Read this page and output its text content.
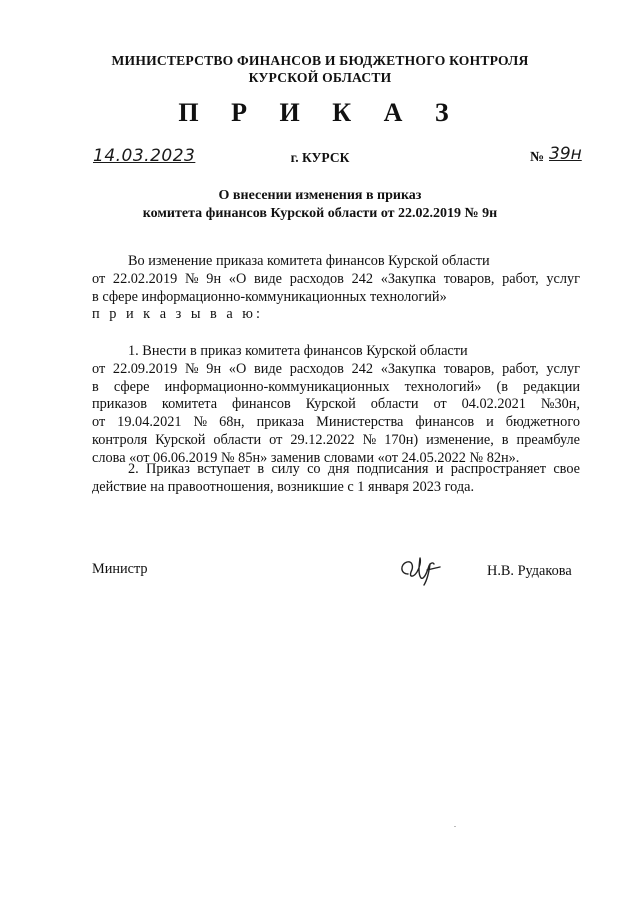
МИНИСТЕРСТВО ФИНАНСОВ И БЮДЖЕТНОГО КОНТРОЛЯ
КУРСКОЙ ОБЛАСТИ
П Р И К А З
14.03.2023	г. КУРСК	№ 39н
О внесении изменения в приказ
комитета финансов Курской области от 22.02.2019 № 9н
Во изменение приказа комитета финансов Курской области
от 22.02.2019 № 9н «О виде расходов 242 «Закупка товаров, работ, услуг
в сфере информационно-коммуникационных технологий»
п р и к а з ы в а ю:
1. Внести в приказ комитета финансов Курской области
от 22.09.2019 № 9н «О виде расходов 242 «Закупка товаров, работ, услуг
в сфере информационно-коммуникационных технологий» (в редакции
приказов комитета финансов Курской области от 04.02.2021 №30н,
от 19.04.2021 № 68н, приказа Министерства финансов и бюджетного
контроля Курской области от 29.12.2022 № 170н) изменение, в преамбуле
слова «от 06.06.2019 № 85н» заменив словами «от 24.05.2022 № 82н».
2. Приказ вступает в силу со дня подписания и распространяет свое
действие на правоотношения, возникшие с 1 января 2023 года.
Министр	Н.В. Рудакова
